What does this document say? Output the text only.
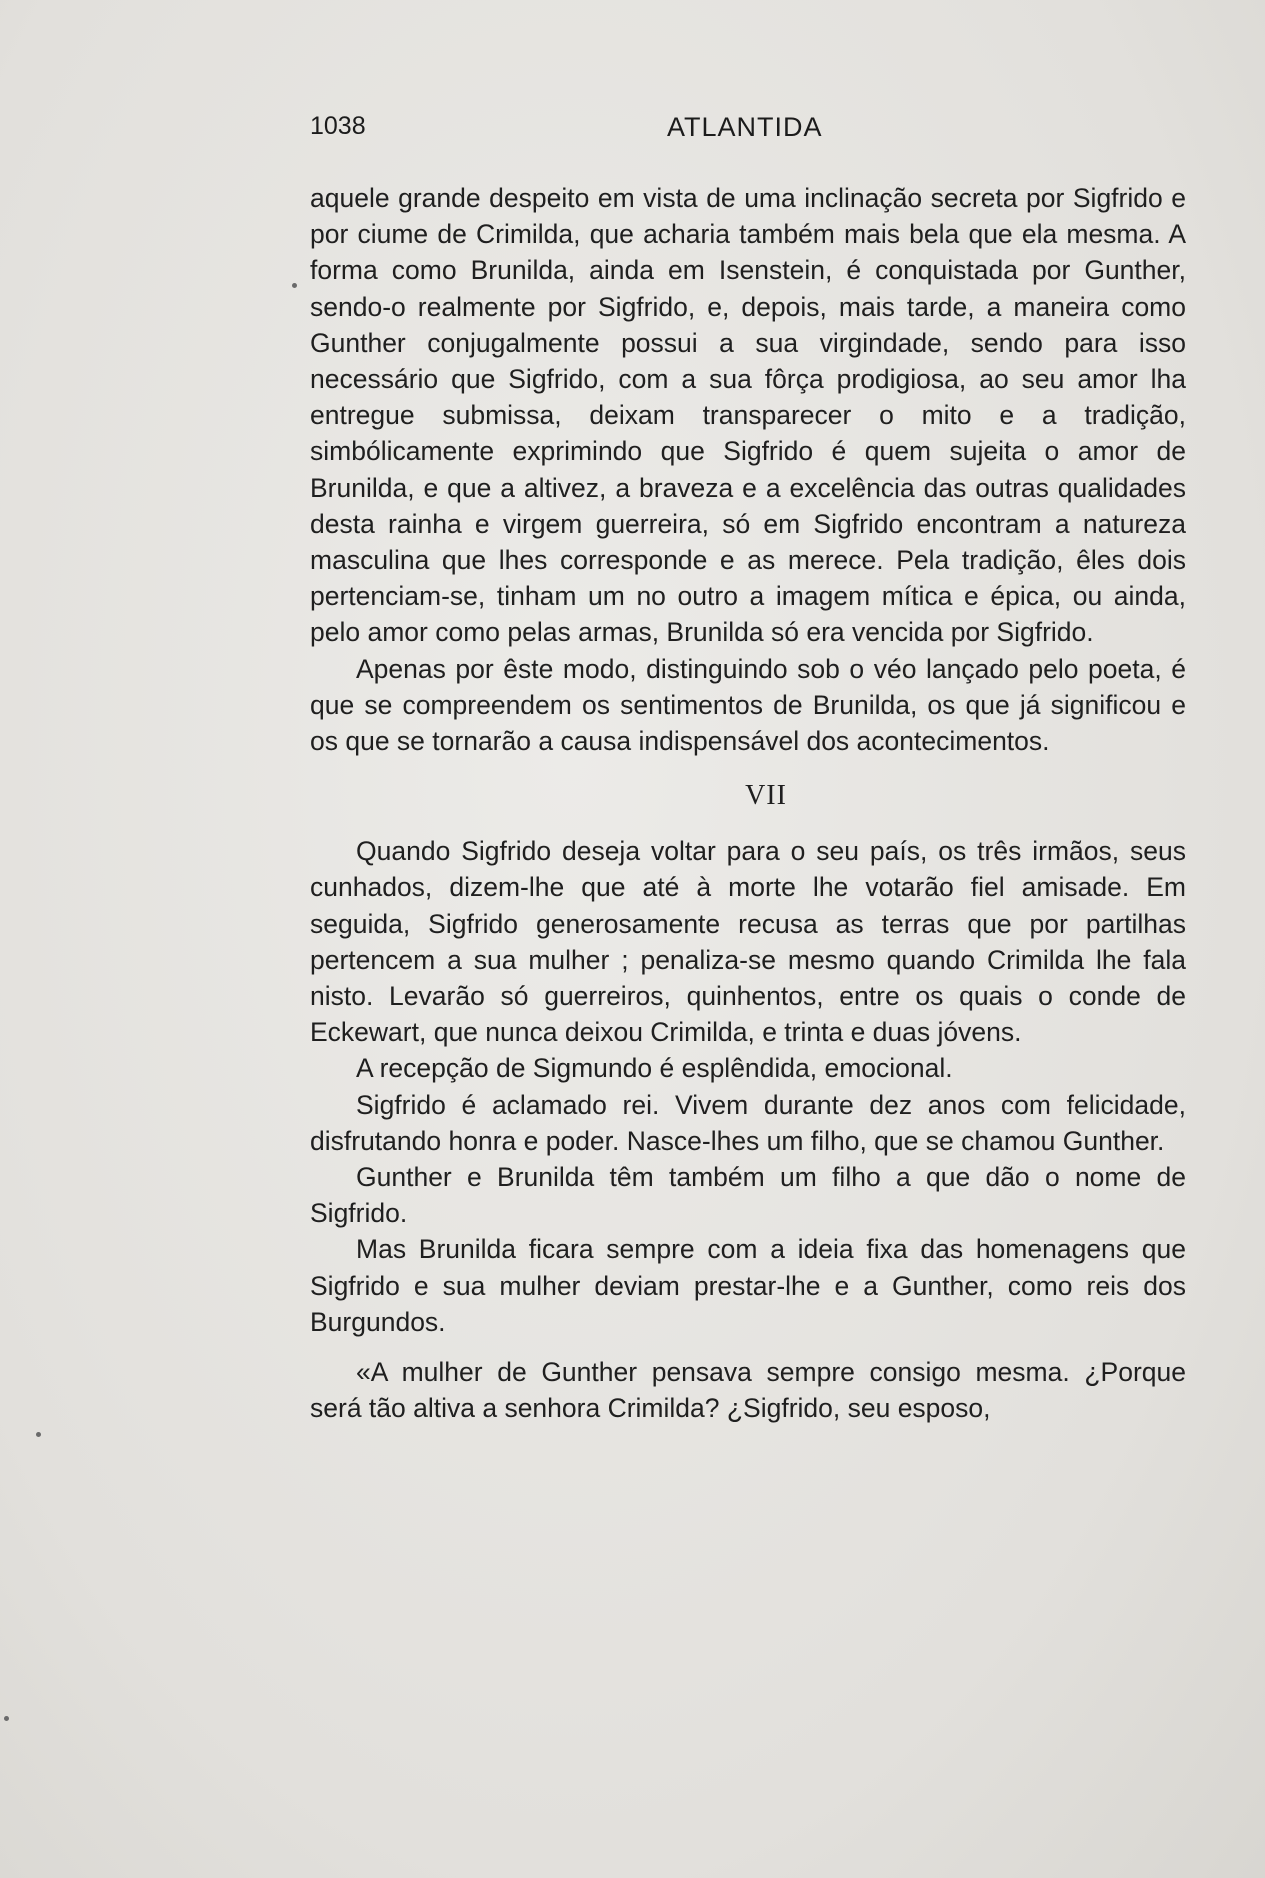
1038	ATLANTIDA

aquele grande despeito em vista de uma inclinação secreta por Sigfrido e por ciume de Crimilda, que acharia também mais bela que ela mesma. A forma como Brunilda, ainda em Isenstein, é conquistada por Gunther, sendo-o realmente por Sigfrido, e, depois, mais tarde, a maneira como Gunther conjugalmente possui a sua virgindade, sendo para isso necessário que Sigfrido, com a sua fôrça prodigiosa, ao seu amor lha entregue submissa, deixam transparecer o mito e a tradição, simbólicamente exprimindo que Sigfrido é quem sujeita o amor de Brunilda, e que a altivez, a braveza e a excelência das outras qualidades desta rainha e virgem guerreira, só em Sigfrido encontram a natureza masculina que lhes corresponde e as merece. Pela tradição, êles dois pertenciam-se, tinham um no outro a imagem mítica e épica, ou ainda, pelo amor como pelas armas, Brunilda só era vencida por Sigfrido.

Apenas por êste modo, distinguindo sob o véo lançado pelo poeta, é que se compreendem os sentimentos de Brunilda, os que já significou e os que se tornarão a causa indispensável dos acontecimentos.

VII

Quando Sigfrido deseja voltar para o seu país, os três irmãos, seus cunhados, dizem-lhe que até à morte lhe votarão fiel amisade. Em seguida, Sigfrido generosamente recusa as terras que por partilhas pertencem a sua mulher ; penaliza-se mesmo quando Crimilda lhe fala nisto. Levarão só guerreiros, quinhentos, entre os quais o conde de Eckewart, que nunca deixou Crimilda, e trinta e duas jóvens.

A recepção de Sigmundo é esplêndida, emocional.

Sigfrido é aclamado rei. Vivem durante dez anos com felicidade, disfrutando honra e poder. Nasce-lhes um filho, que se chamou Gunther.

Gunther e Brunilda têm também um filho a que dão o nome de Sigfrido.

Mas Brunilda ficara sempre com a ideia fixa das homenagens que Sigfrido e sua mulher deviam prestar-lhe e a Gunther, como reis dos Burgundos.

«A mulher de Gunther pensava sempre consigo mesma. ¿Porque será tão altiva a senhora Crimilda? ¿Sigfrido, seu esposo,
